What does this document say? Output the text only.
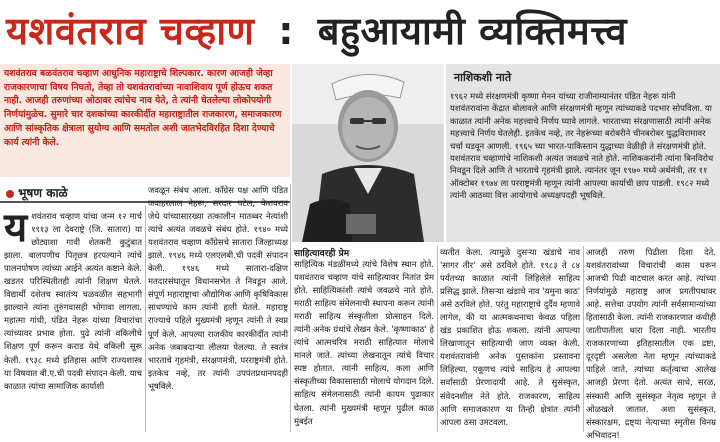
यशवंतराव चव्हाण : बहुआयामी व्यक्तिमत्त्व
यशवंतराव बळवंतराव चव्हाण आधुनिक महाराष्ट्राचे शिल्पकार. कारण आजही जेव्हा राजकारणाचा विषय निघतो, तेव्हा तो यशवंतरावांच्या नावाशिवाय पूर्ण होऊच शकत नाही. आजही तरुणांच्या ओठावर त्यांचेच नाव येते, ते त्यांनी घेतलेल्या लोकोपयोगी निर्णयांमुळेच. सुमारे चार दशकांच्या कारकीर्दीत महाराष्ट्रातील राजकारण, समाजकारण आणि सांस्कृतिक क्षेत्राला सुयोग्य आणि समतोल अशी जातभेदविरहित दिशा देण्याचे कार्य त्यांनी केले.
नाशिकशी नाते
१९६२ मध्ये संरक्षणमंत्री कृष्णा मेनन यांच्या राजीनाम्यानंतर पंडित नेहरू यांनी यशवंतरावांना केंद्रात बोलावले आणि संरक्षणमंत्री म्हणून त्यांच्याकडे पदभार सोपविला. या काळात त्यांनी अनेक महत्त्वाचे निर्णय घ्यावे लागले. भारताच्या संरक्षणासाठी त्यांनी अनेक महत्त्वाचे निर्णय घेतलेही. इतकेच नव्हे, तर नेहरूंच्या बरोबरीने चीनबरोबर युद्धविरामावर चर्चा घडवून आणली. १९६५ च्या भारत-पाकिस्तान युद्धाच्या वेळीही ते संरक्षणमंत्री होते. यशवंतराव चव्हाणांचे नाशिकशी अत्यंत जवळचे नाते होते. नाशिककरांनी त्यांना बिनविरोध निवडून दिले आणि ते भारताचे गृहमंत्री झाले. त्यानंतर जून १९७० मध्ये अर्थमंत्री, तर ११ ऑक्टोबर १९७४ ला परराष्ट्रमंत्री म्हणून त्यांनी आपल्या कार्याची छाप पाडली. १९८२ मध्ये त्यांनी आठव्या वित्त आयोगाचे अध्यक्षपदही भूषविले.
भूषण काळे
यशवंतराव चव्हाण यांचा जन्म १२ मार्च १९१३ ला देवराष्ट्रे (जि. सातारा) या छोट्याशा गावी शेतकरी कुटुंबात झाला. बालपणीच पितृछत्र हरपल्याने त्यांचे पालनपोषण त्यांच्या आईने अत्यंत कष्टाने केले. खडतर परिस्थितीतही त्यांनी शिक्षण घेतले. विद्यार्थी दशेतच स्वातंत्र्य चळवळीत सहभागी झाल्याने त्यांना तुरुंगवासही भोगावा लागला. महात्मा गांधी, पंडित नेहरू यांच्या विचारांचा त्यांच्यावर प्रभाव होता. पुढे त्यांनी वकिलीचे शिक्षण पूर्ण करून कराड येथे वकिली सुरू केली. १९३८ मध्ये इतिहास आणि राज्यशास्त्र या विषयात बी.ए.ची पदवी संपादन केली. याच काळात त्यांचा सामाजिक कार्याशी
जवळून संबंध आला. काँग्रेस पक्ष आणि पंडित जवाहरलाल नेहरू, सरदार पटेल, केशवराव जेधे यांच्यासारख्या तत्कालीन मातब्बर नेत्यांशी त्यांचे अत्यंत जवळचे संबंध होते. १९४० मध्ये यशवंतराव चव्हाण काँग्रेसचे सातारा जिल्हाध्यक्ष झाले. १९४६ मध्ये एलएलबी.ची पदवी संपादन केली. १९४६ मध्ये सातारा-दक्षिण मतदारसंघातून विधानसभेत ते निवडून आले. संपूर्ण महाराष्ट्राचा औद्योगिक आणि कृषिविकास साधण्याचे काम त्यांनी हाती घेतले. महाराष्ट्र राज्याचे पहिले मुख्यमंत्री म्हणून त्यांनी ते स्वप्न पूर्ण केले. आपल्या राजकीय कारकीर्दीत त्यांनी अनेक जबाबदाऱ्या लीलया पेलल्या. ते स्वतंत्र भारताचे गृहमंत्री, संरक्षणमंत्री, परराष्ट्रमंत्री होते. इतकेच नव्हे, तर त्यांनी उपपंतप्रधानपदही भूषविले.
साहित्यावरही प्रेम
साहित्यिक मंडळींमध्ये त्यांचे विशेष स्थान होते. यशवंतराव चव्हाण यांचे साहित्यावर नितांत प्रेम होते. साहित्यिकांशी त्यांचे जवळचे नाते होते. मराठी साहित्य संमेलनाची स्थापना करून त्यांनी मराठी साहित्य संस्कृतीला प्रोत्साहन दिले. त्यांनी अनेक ग्रंथांचे लेखन केले. 'कृष्णाकाठ' हे त्यांचे आत्मचरित्र मराठी साहित्यात मोलाचे मानले जाते. त्यांच्या लेखनातून त्यांचे विचार स्पष्ट होतात. त्यांनी साहित्य, कला आणि संस्कृतीच्या विकासासाठी मोलाचे योगदान दिले. साहित्य संमेलनासाठी त्यांनी कायम पुढाकार घेतला. त्यांनी मुख्यमंत्री म्हणून पुढील काळ मुंबईत
व्यतीत केला. त्यामुळे दुसऱ्या खंडाचे नाव 'सागर तीर' असे ठरविले होते. १९८३ ते ८४ पर्यंतच्या काळात त्यांनी लिहिलेले साहित्य प्रसिद्ध झाले. तिसऱ्या खंडाचे नाव 'यमुना काठ' असे ठरविले होते. परंतु महाराष्ट्राचे दुर्दैव म्हणावे लागेल, की या आत्मकथनाचा केवळ पहिला खंड प्रकाशित होऊ शकला. त्यांनी आपल्या लिखाणातून साहित्याची जाण व्यक्त केली. यशवंतरावांनी अनेक पुस्तकांना प्रस्तावना लिहिल्या. एकूणच त्यांचे साहित्य हे आपल्या सर्वांसाठी प्रेरणादायी आहे. ते सुसंस्कृत, संवेदनशील नेते होते. राजकारण, साहित्य आणि समाजकारण या तिन्ही क्षेत्रांत त्यांनी आपला ठसा उमटवला.
आजही तरुण पिढीला दिशा देते. यशवंतरावांच्या विचारांची कास धरून आजची पिढी वाटचाल करत आहे. त्यांच्या निर्णयांमुळे महाराष्ट्र आज प्रगतीपथावर आहे. सत्तेचा उपयोग त्यांनी सर्वसामान्यांच्या हितासाठी केला. त्यांनी राजकारणात कधीही जातीपातीला थारा दिला नाही. भारतीय राजकारणाच्या इतिहासातील एक द्रष्टा, दूरदृष्टी असलेला नेता म्हणून त्यांच्याकडे पाहिले जाते. त्यांच्या कर्तृत्वाचा आलेख आजही प्रेरणा देतो. अत्यंत साधे, सरळ, संस्कारी आणि सुसंस्कृत नेतृत्व म्हणून ते ओळखले जातात. अशा सुसंस्कृत, संस्कारक्षम, द्रष्ट्या नेत्याच्या स्मृतीस विनम्र अभिवादन!
